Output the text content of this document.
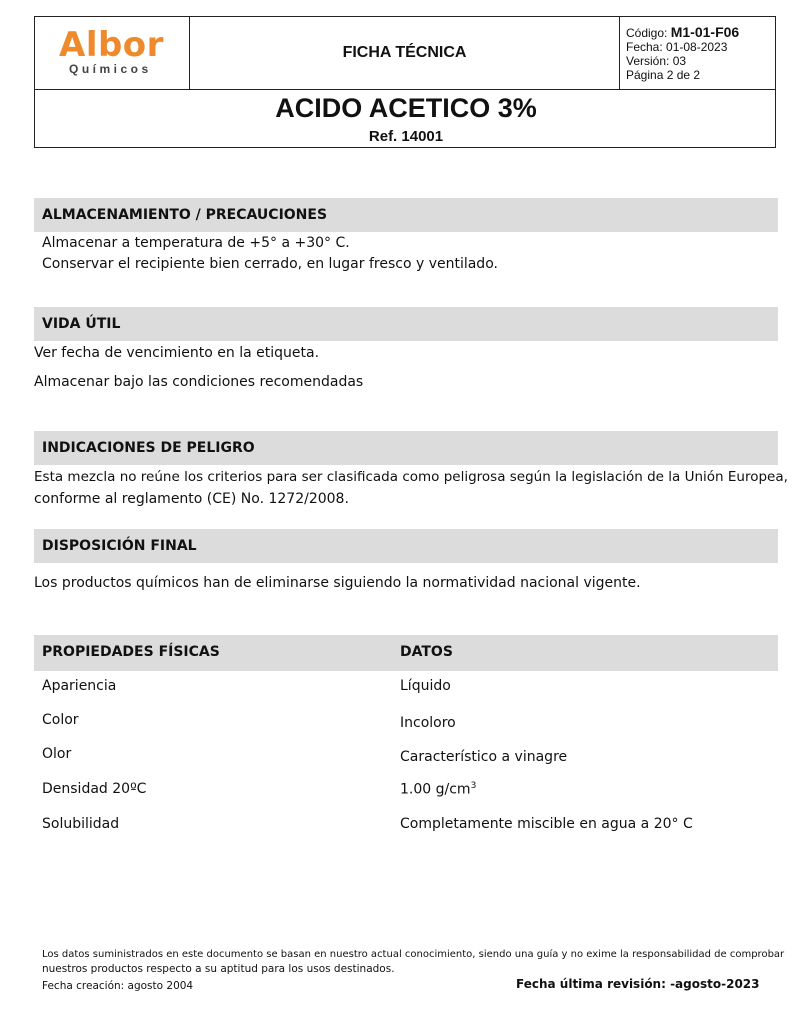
Albor
Químicos
FICHA TÉCNICA
Código: M1-01-F06
Fecha: 01-08-2023
Versión: 03
Página 2 de 2
ACIDO ACETICO 3%
Ref. 14001
ALMACENAMIENTO / PRECAUCIONES
Almacenar a temperatura de +5° a +30° C.
Conservar el recipiente bien cerrado, en lugar fresco y ventilado.
VIDA ÚTIL
Ver fecha de vencimiento en la etiqueta.
Almacenar bajo las condiciones recomendadas
INDICACIONES DE PELIGRO
Esta mezcla no reúne los criterios para ser clasificada como peligrosa según la legislación de la Unión Europea,
conforme al reglamento (CE) No. 1272/2008.
DISPOSICIÓN FINAL
Los productos químicos han de eliminarse siguiendo la normatividad nacional vigente.
PROPIEDADES FÍSICAS	DATOS
Apariencia	Líquido
Color	Incoloro
Olor	Característico a vinagre
Densidad 20ºC	1.00 $g/cm^3$
Solubilidad	Completamente miscible en agua a 20° C
Los datos suministrados en este documento se basan en nuestro actual conocimiento, siendo una guía y no exime la responsabilidad de comprobar
nuestros productos respecto a su aptitud para los usos destinados.
Fecha creación: agosto 2004	Fecha última revisión: -agosto-2023
